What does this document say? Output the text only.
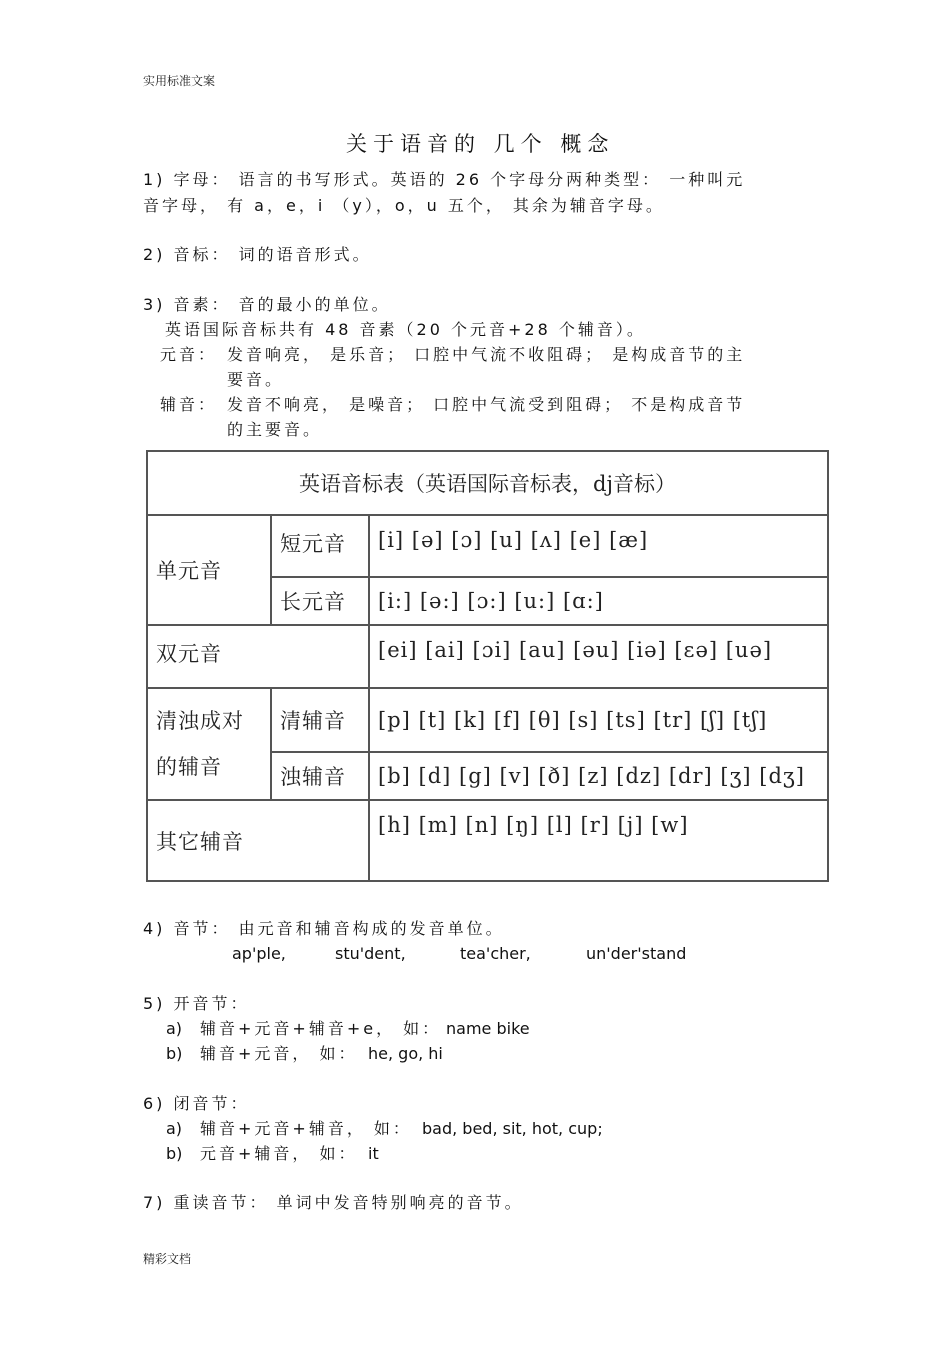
实用标准文案
关于语音的 几个 概念
1) 字母： 语言的书写形式。英语的 26 个字母分两种类型： 一种叫元
音字母， 有 a，e，i （y），o，u 五个， 其余为辅音字母。
2) 音标： 词的语音形式。
3) 音素： 音的最小的单位。
英语国际音标共有 48 音素（20 个元音+28 个辅音）。
元音： 发音响亮， 是乐音； 口腔中气流不收阻碍； 是构成音节的主
要音。
辅音： 发音不响亮， 是噪音； 口腔中气流受到阻碍； 不是构成音节
的主要音。
英语音标表（英语国际音标表，dj音标）		
单元音	短元音	[i] [ə] [ɔ] [u] [ʌ] [e] [æ]
	长元音	[i:] [ə:] [ɔ:] [u:] [ɑ:]
双元音		[ei] [ai] [ɔi] [au] [əu] [iə] [ɛə] [uə]

清浊成对
的辅音	清辅音	[p] [t] [k] [f] [θ] [s] [ts] [tr] [ʃ] [tʃ]
	浊辅音	[b] [d] [g] [v] [ð] [z] [dz] [dr] [ʒ] [dʒ]
其它辅音		[h] [m] [n] [ŋ] [l] [r] [j] [w]
4) 音节： 由元音和辅音构成的发音单位。
ap'ple,	stu'dent,	tea'cher,	un'der'stand
5) 开音节：
a) 辅音+元音+辅音+e， 如： name bike
b) 辅音+元音， 如： he, go, hi
6) 闭音节：
a) 辅音+元音+辅音， 如： bad, bed, sit, hot, cup;
b) 元音+辅音， 如： it
7) 重读音节： 单词中发音特别响亮的音节。
精彩文档
